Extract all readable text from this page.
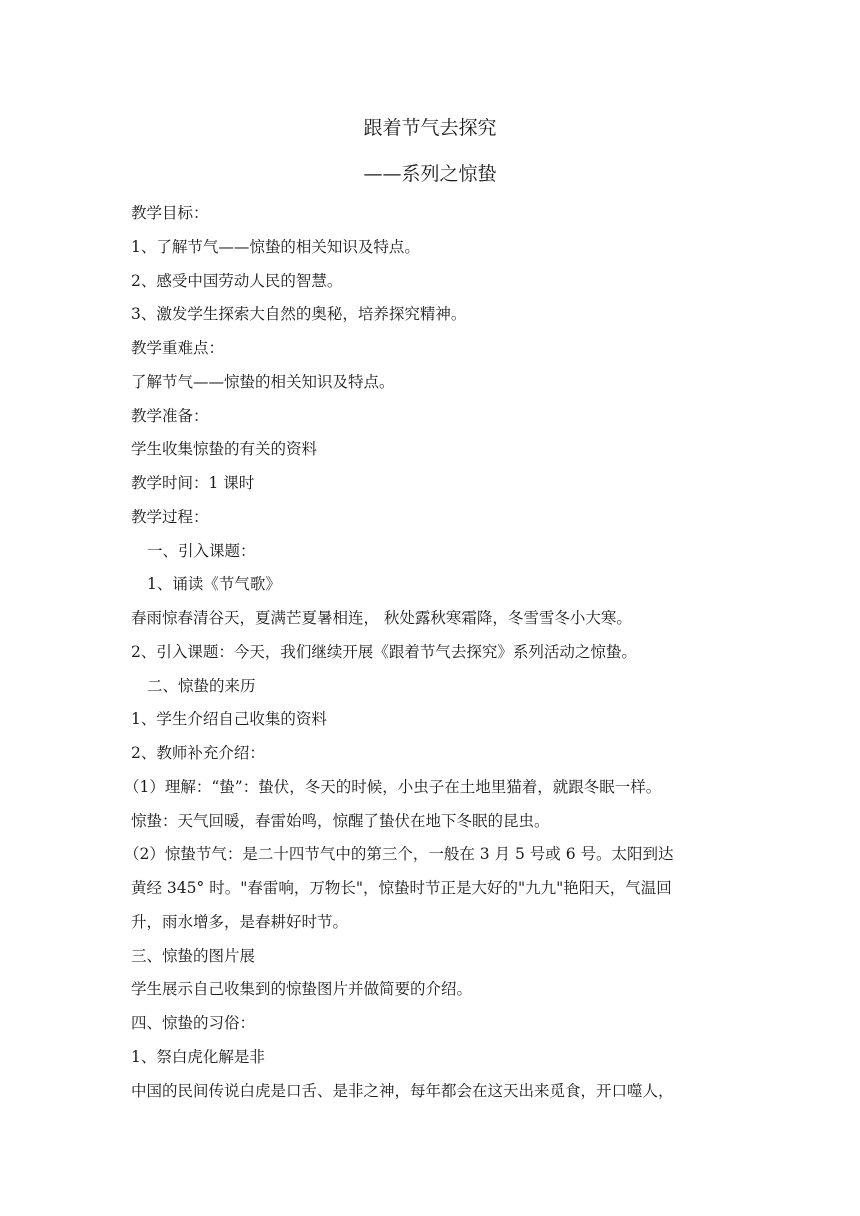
跟着节气去探究
——系列之惊蛰
教学目标：
1、了解节气——惊蛰的相关知识及特点。
2、感受中国劳动人民的智慧。
3、激发学生探索大自然的奥秘，培养探究精神。
教学重难点：
了解节气——惊蛰的相关知识及特点。
教学准备：
学生收集惊蛰的有关的资料
教学时间：1 课时
教学过程：
一、引入课题：
1、诵读《节气歌》
春雨惊春清谷天，夏满芒夏暑相连， 秋处露秋寒霜降，冬雪雪冬小大寒。
2、引入课题：今天，我们继续开展《跟着节气去探究》系列活动之惊蛰。
二、惊蛰的来历
1、学生介绍自己收集的资料
2、教师补充介绍：
（1）理解：“蛰”：蛰伏，冬天的时候，小虫子在土地里猫着，就跟冬眠一样。
惊蛰：天气回暖，春雷始鸣，惊醒了蛰伏在地下冬眠的昆虫。
（2）惊蛰节气：是二十四节气中的第三个，一般在 3 月 5 号或 6 号。太阳到达
黄经 345° 时。"春雷响，万物长"，惊蛰时节正是大好的"九九"艳阳天，气温回
升，雨水增多，是春耕好时节。
三、惊蛰的图片展
学生展示自己收集到的惊蛰图片并做简要的介绍。
四、惊蛰的习俗：
1、祭白虎化解是非
中国的民间传说白虎是口舌、是非之神，每年都会在这天出来觅食，开口噬人，
